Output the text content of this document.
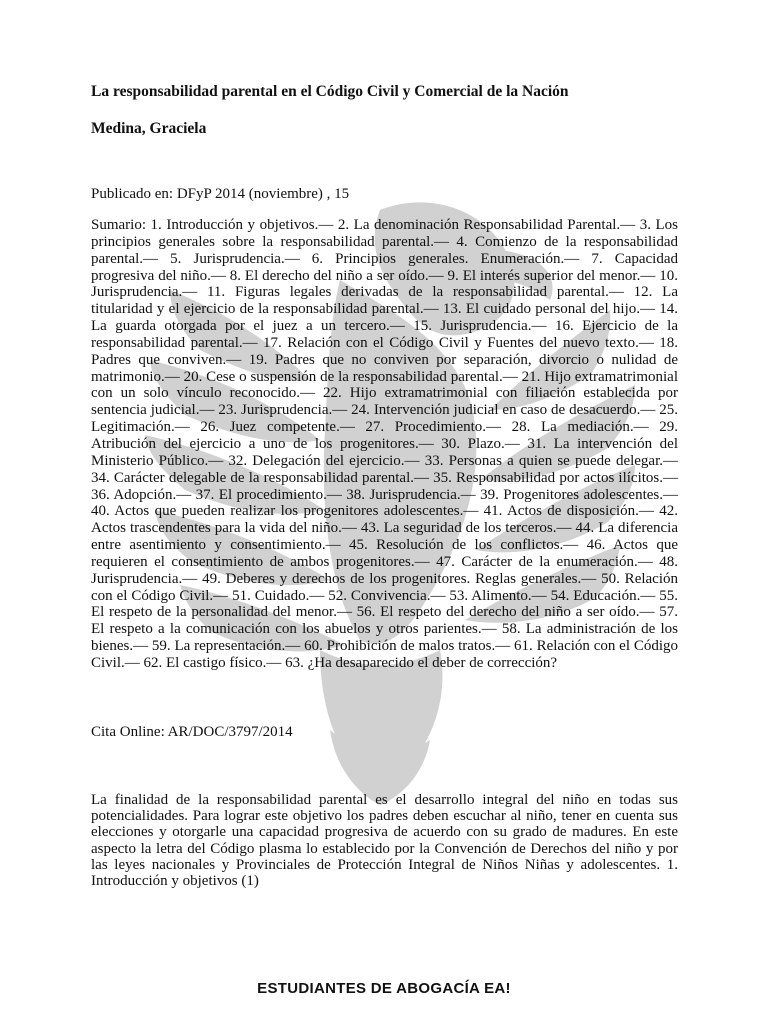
La responsabilidad parental en el Código Civil y Comercial de la Nación
Medina, Graciela
Publicado en: DFyP 2014 (noviembre) , 15
Sumario: 1. Introducción y objetivos.— 2. La denominación Responsabilidad Parental.— 3. Los principios generales sobre la responsabilidad parental.— 4. Comienzo de la responsabilidad parental.— 5. Jurisprudencia.— 6. Principios generales. Enumeración.— 7. Capacidad progresiva del niño.— 8. El derecho del niño a ser oído.— 9. El interés superior del menor.— 10. Jurisprudencia.— 11. Figuras legales derivadas de la responsabilidad parental.— 12. La titularidad y el ejercicio de la responsabilidad parental.— 13. El cuidado personal del hijo.— 14. La guarda otorgada por el juez a un tercero.— 15. Jurisprudencia.— 16. Ejercicio de la responsabilidad parental.— 17. Relación con el Código Civil y Fuentes del nuevo texto.— 18. Padres que conviven.— 19. Padres que no conviven por separación, divorcio o nulidad de matrimonio.— 20. Cese o suspensión de la responsabilidad parental.— 21. Hijo extramatrimonial con un solo vínculo reconocido.— 22. Hijo extramatrimonial con filiación establecida por sentencia judicial.— 23. Jurisprudencia.— 24. Intervención judicial en caso de desacuerdo.— 25. Legitimación.— 26. Juez competente.— 27. Procedimiento.— 28. La mediación.— 29. Atribución del ejercicio a uno de los progenitores.— 30. Plazo.— 31. La intervención del Ministerio Público.— 32. Delegación del ejercicio.— 33. Personas a quien se puede delegar.— 34. Carácter delegable de la responsabilidad parental.— 35. Responsabilidad por actos ilícitos.— 36. Adopción.— 37. El procedimiento.— 38. Jurisprudencia.— 39. Progenitores adolescentes.— 40. Actos que pueden realizar los progenitores adolescentes.— 41. Actos de disposición.— 42. Actos trascendentes para la vida del niño.— 43. La seguridad de los terceros.— 44. La diferencia entre asentimiento y consentimiento.— 45. Resolución de los conflictos.— 46. Actos que requieren el consentimiento de ambos progenitores.— 47. Carácter de la enumeración.— 48. Jurisprudencia.— 49. Deberes y derechos de los progenitores. Reglas generales.— 50. Relación con el Código Civil.— 51. Cuidado.— 52. Convivencia.— 53. Alimento.— 54. Educación.— 55. El respeto de la personalidad del menor.— 56. El respeto del derecho del niño a ser oído.— 57. El respeto a la comunicación con los abuelos y otros parientes.— 58. La administración de los bienes.— 59. La representación.— 60. Prohibición de malos tratos.— 61. Relación con el Código Civil.— 62. El castigo físico.— 63. ¿Ha desaparecido el deber de corrección?
Cita Online: AR/DOC/3797/2014
La finalidad de la responsabilidad parental es el desarrollo integral del niño en todas sus potencialidades. Para lograr este objetivo los padres deben escuchar al niño, tener en cuenta sus elecciones y otorgarle una capacidad progresiva de acuerdo con su grado de madures. En este aspecto la letra del Código plasma lo establecido por la Convención de Derechos del niño y por las leyes nacionales y Provinciales de Protección Integral de Niños Niñas y adolescentes. 1. Introducción y objetivos (1)
ESTUDIANTES DE ABOGACÍA EA!
